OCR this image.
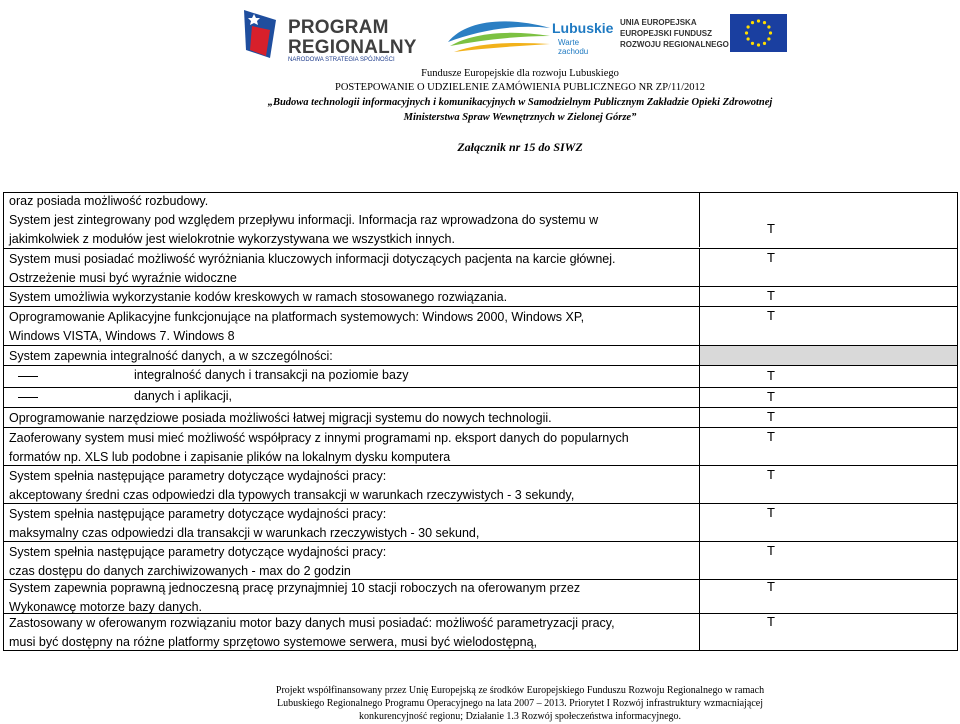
PROGRAM
REGIONALNY
NARODOWA STRATEGIA SPÓJNOŚCI
Lubuskie
Warte zachodu
UNIA EUROPEJSKA
EUROPEJSKI FUNDUSZ
ROZWOJU REGIONALNEGO
Fundusze Europejskie dla rozwoju Lubuskiego
POSTEPOWANIE O UDZIELENIE ZAMÓWIENIA PUBLICZNEGO NR ZP/11/2012
„Budowa technologii informacyjnych i komunikacyjnych w Samodzielnym Publicznym Zakładzie Opieki Zdrowotnej
Ministerstwa Spraw Wewnętrznych w Zielonej Górze”
Załącznik nr 15 do SIWZ
oraz posiada możliwość rozbudowy.
System jest zintegrowany pod względem przepływu informacji. Informacja raz wprowadzona do systemu w
jakimkolwiek z modułów jest wielokrotnie wykorzystywana we wszystkich innych.
T
System musi posiadać możliwość wyróżniania kluczowych informacji dotyczących pacjenta na karcie głównej.
Ostrzeżenie musi być wyraźnie widoczne
T
System umożliwia wykorzystanie kodów kreskowych w ramach stosowanego rozwiązania.	T
Oprogramowanie Aplikacyjne funkcjonujące na platformach systemowych: Windows 2000, Windows XP,
Windows VISTA, Windows 7. Windows 8
T
System zapewnia integralność danych, a w szczególności:
integralność danych i transakcji na poziomie bazy	T
danych i aplikacji,	T
Oprogramowanie narzędziowe posiada możliwości łatwej migracji systemu do nowych technologii.	T
Zaoferowany system musi mieć możliwość współpracy z innymi programami np. eksport danych do popularnych
formatów np. XLS lub podobne i zapisanie plików na lokalnym dysku komputera
T
System spełnia następujące parametry dotyczące wydajności pracy:
akceptowany średni czas odpowiedzi dla typowych transakcji w warunkach rzeczywistych - 3 sekundy,
T
System spełnia następujące parametry dotyczące wydajności pracy:
maksymalny czas odpowiedzi dla transakcji w warunkach rzeczywistych - 30 sekund,
T
System spełnia następujące parametry dotyczące wydajności pracy:
czas dostępu do danych zarchiwizowanych - max do 2 godzin
T
System zapewnia poprawną jednoczesną pracę przynajmniej 10 stacji roboczych na oferowanym przez
Wykonawcę motorze bazy danych.
T
Zastosowany w oferowanym rozwiązaniu motor bazy danych musi posiadać: możliwość parametryzacji pracy,
musi być dostępny na różne platformy sprzętowo systemowe serwera, musi być wielodostępną,
T
Projekt współfinansowany przez Unię Europejską ze środków Europejskiego Funduszu Rozwoju Regionalnego w ramach
Lubuskiego Regionalnego Programu Operacyjnego na lata 2007 – 2013. Priorytet I Rozwój infrastruktury wzmacniającej
konkurencyjność regionu; Działanie 1.3 Rozwój społeczeństwa informacyjnego.
